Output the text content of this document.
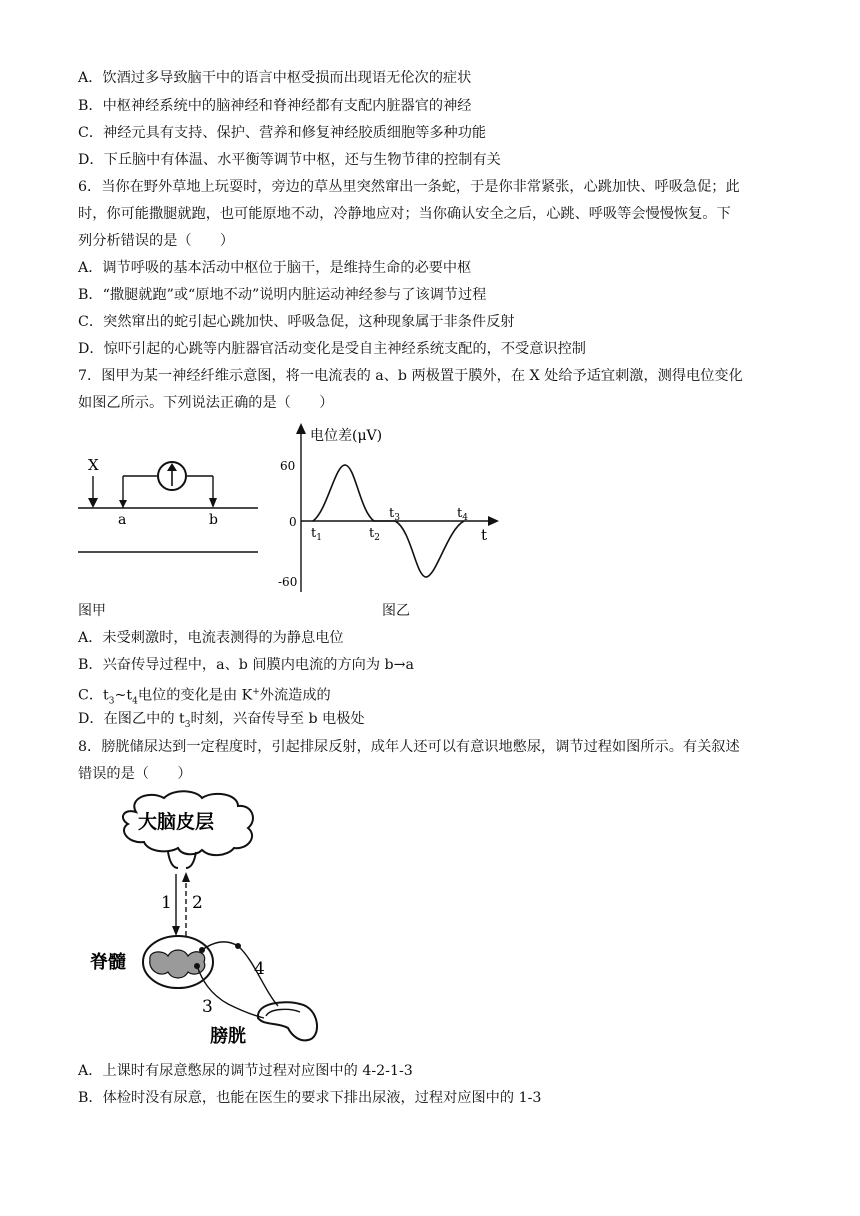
A．饮酒过多导致脑干中的语言中枢受损而出现语无伦次的症状
B．中枢神经系统中的脑神经和脊神经都有支配内脏器官的神经
C．神经元具有支持、保护、营养和修复神经胶质细胞等多种功能
D．下丘脑中有体温、水平衡等调节中枢，还与生物节律的控制有关
6．当你在野外草地上玩耍时，旁边的草丛里突然窜出一条蛇，于是你非常紧张，心跳加快、呼吸急促；此
时，你可能撒腿就跑，也可能原地不动，冷静地应对；当你确认安全之后，心跳、呼吸等会慢慢恢复。下
列分析错误的是（　　）
A．调节呼吸的基本活动中枢位于脑干，是维持生命的必要中枢
B．“撒腿就跑”或“原地不动”说明内脏运动神经参与了该调节过程
C．突然窜出的蛇引起心跳加快、呼吸急促，这种现象属于非条件反射
D．惊吓引起的心跳等内脏器官活动变化是受自主神经系统支配的，不受意识控制
7．图甲为某一神经纤维示意图，将一电流表的 a、b 两极置于膜外，在 X 处给予适宜刺激，测得电位变化
如图乙所示。下列说法正确的是（　　）
X
a	b
图甲
电位差(μV)
t
60
0
-60
$t_1$	$t_2$
$t_3$	$t_4$
图乙
A．未受刺激时，电流表测得的为静息电位
B．兴奋传导过程中，a、b 间膜内电流的方向为 b→a
C．$t_3\sim t_4$电位的变化是由 K+外流造成的
D．在图乙中的 $t_3$时刻，兴奋传导至 b 电极处
8．膀胱储尿达到一定程度时，引起排尿反射，成年人还可以有意识地憋尿，调节过程如图所示。有关叙述
错误的是（　　）
大脑皮层
1 2
脊髓	4
3
膀胱
A．上课时有尿意憋尿的调节过程对应图中的 4-2-1-3
B．体检时没有尿意，也能在医生的要求下排出尿液，过程对应图中的 1-3
